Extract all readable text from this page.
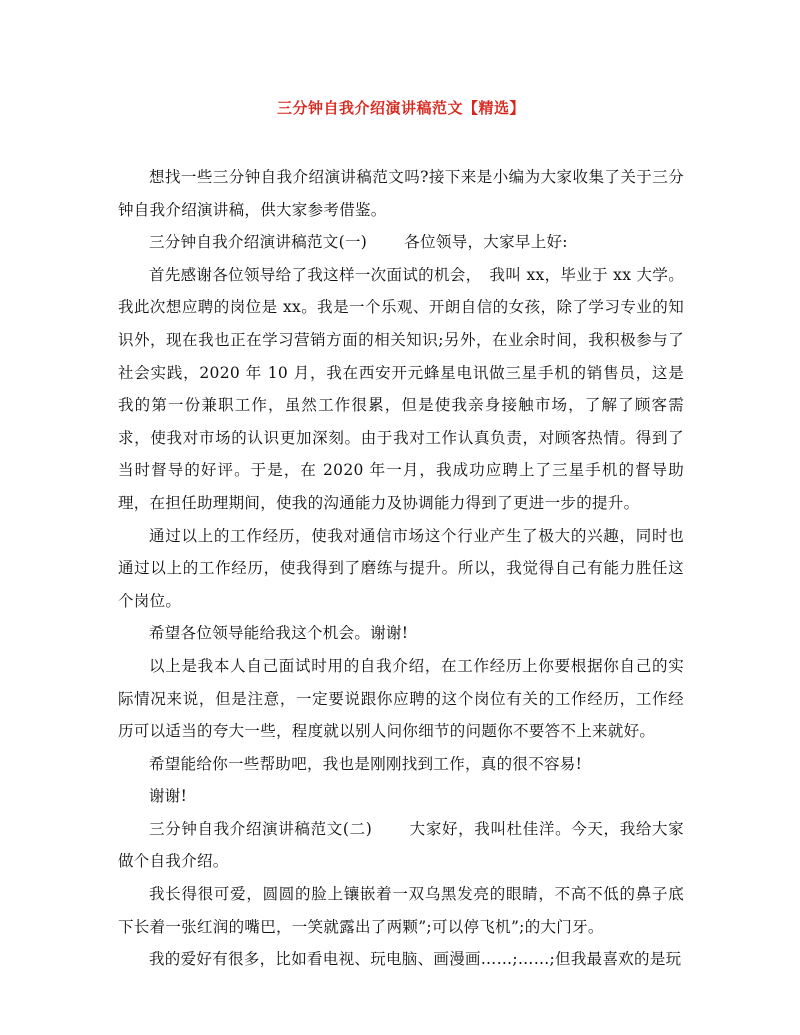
三分钟自我介绍演讲稿范文【精选】

想找一些三分钟自我介绍演讲稿范文吗?接下来是小编为大家收集了关于三分钟自我介绍演讲稿，供大家参考借鉴。

三分钟自我介绍演讲稿范文(一) 各位领导，大家早上好:

首先感谢各位领导给了我这样一次面试的机会，　我叫 xx，毕业于 xx 大学。我此次想应聘的岗位是 xx。我是一个乐观、开朗自信的女孩，除了学习专业的知识外，现在我也正在学习营销方面的相关知识;另外，在业余时间，我积极参与了社会实践，2020 年 10 月，我在西安开元蜂星电讯做三星手机的销售员，这是我的第一份兼职工作，虽然工作很累，但是使我亲身接触市场，了解了顾客需求，使我对市场的认识更加深刻。由于我对工作认真负责，对顾客热情。得到了当时督导的好评。于是，在 2020 年一月，我成功应聘上了三星手机的督导助理，在担任助理期间，使我的沟通能力及协调能力得到了更进一步的提升。

通过以上的工作经历，使我对通信市场这个行业产生了极大的兴趣，同时也通过以上的工作经历，使我得到了磨练与提升。所以，我觉得自己有能力胜任这个岗位。

希望各位领导能给我这个机会。谢谢!

以上是我本人自己面试时用的自我介绍，在工作经历上你要根据你自己的实际情况来说，但是注意，一定要说跟你应聘的这个岗位有关的工作经历，工作经历可以适当的夸大一些，程度就以别人问你细节的问题你不要答不上来就好。

希望能给你一些帮助吧，我也是刚刚找到工作，真的很不容易!

谢谢!

三分钟自我介绍演讲稿范文(二) 大家好，我叫杜佳洋。今天，我给大家做个自我介绍。

我长得很可爱，圆圆的脸上镶嵌着一双乌黑发亮的眼睛，不高不低的鼻子底下长着一张红润的嘴巴，一笑就露出了两颗”;可以停飞机”;的大门牙。

我的爱好有很多，比如看电视、玩电脑、画漫画……;……;但我最喜欢的是玩
